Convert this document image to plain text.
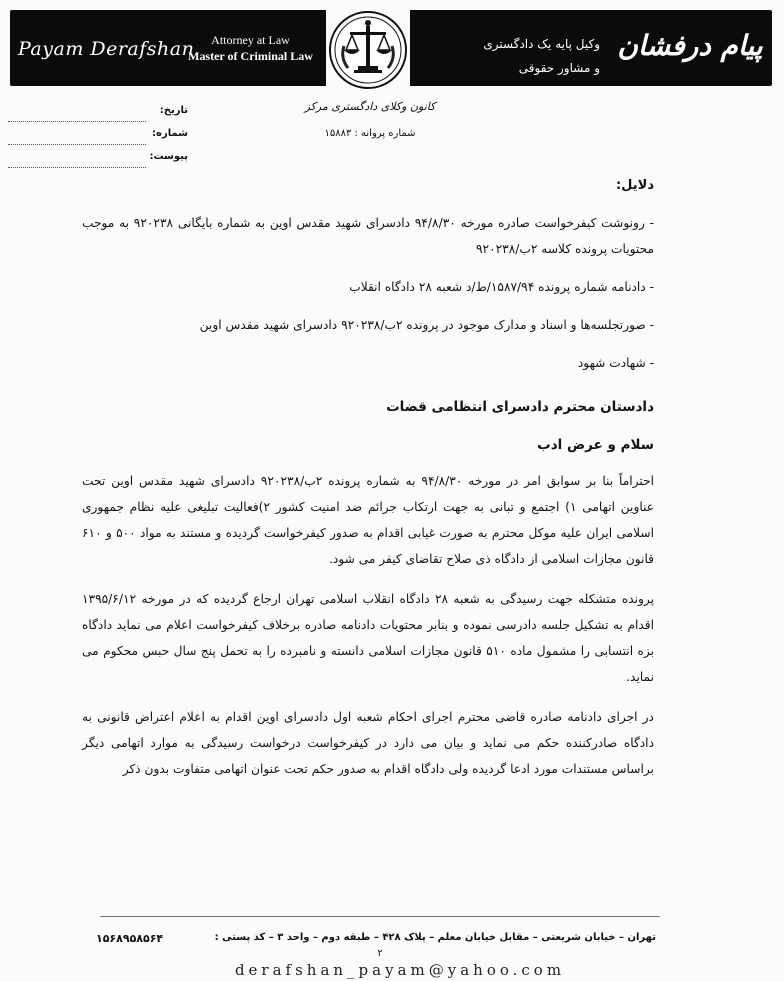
Payam Derafshan	Attorney at Law
Master of Criminal Law
وکیل پایه یک دادگستری
و مشاور حقوقی
پیام درفشان
کانون وکلای دادگستری مرکز
شماره پروانه : ۱۵۸۸۳
تاریخ:
شماره:
پیوست:
دلایل:
- رونوشت کیفرخواست صادره مورخه ۹۴/۸/۳۰ دادسرای شهید مقدس اوین به شماره بایگانی ۹۲۰۲۳۸ به موجب محتویات پرونده کلاسه ۲ب/۹۲۰۲۳۸
- دادنامه شماره پرونده ۱۵۸۷/۹۴/ط/د شعبه ۲۸ دادگاه انقلاب
- صورتجلسه‌ها و اسناد و مدارک موجود در پرونده ۲ب/۹۲۰۲۳۸ دادسرای شهید مقدس اوین
- شهادت شهود
دادستان محترم دادسرای انتظامی قضات
سلام و عرض ادب

احتراماً بنا بر سوابق امر در مورخه ۹۴/۸/۳۰ به شماره پرونده ۲ب/۹۲۰۲۳۸ دادسرای شهید مقدس اوین تحت عناوین اتهامی ۱) اجتمع و تبانی به جهت ارتکاب جرائم ضد امنیت کشور ۲)فعالیت تبلیغی علیه نظام جمهوری اسلامی ایران علیه موکل محترم به صورت غیابی اقدام به صدور کیفرخواست گردیده و مستند به مواد ۵۰۰ و ۶۱۰ قانون مجازات اسلامی از دادگاه ذی صلاح تقاضای کیفر می شود.

پرونده متشکله جهت رسیدگی به شعبه ۲۸ دادگاه انقلاب اسلامی تهران ارجاع گردیده که در مورخه ۱۳۹۵/۶/۱۲ اقدام به تشکیل جلسه دادرسی نموده و بنابر محتویات دادنامه صادره برخلاف کیفرخواست اعلام می نماید دادگاه بزه انتسابی را مشمول ماده ۵۱۰ قانون مجازات اسلامی دانسته و نامبرده را به تحمل پنج سال حبس محکوم می نماید.

در اجرای دادنامه صادره قاضی محترم اجرای احکام شعبه اول دادسرای اوین اقدام به اعلام اعتراض قانونی به دادگاه صادرکننده حکم می نماید و بیان می دارد در کیفرخواست درخواست رسیدگی به موارد اتهامی دیگر براساس مستندات مورد ادعا گردیده ولی دادگاه اقدام به صدور حکم تحت عنوان اتهامی متفاوت بدون ذکر

تهران – خیابان شریعتی – مقابل خیابان معلم – پلاک ۴۲۸ – طبقه دوم – واحد ۳ – کد پستی :
۱۵۶۸۹۵۸۵۶۴
۲
derafshan_payam@yahoo.com
